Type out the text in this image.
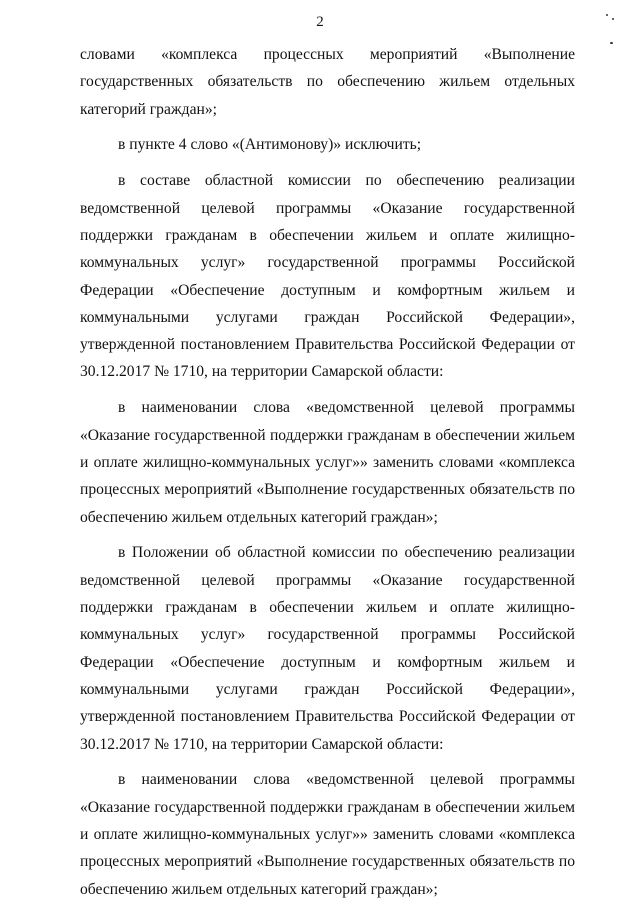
2

словами «комплекса процессных мероприятий «Выполнение государственных обязательств по обеспечению жильем отдельных категорий граждан»;

в пункте 4 слово «(Антимонову)» исключить;

в составе областной комиссии по обеспечению реализации ведомственной целевой программы «Оказание государственной поддержки гражданам в обеспечении жильем и оплате жилищно-коммунальных услуг» государственной программы Российской Федерации «Обеспечение доступным и комфортным жильем и коммунальными услугами граждан Российской Федерации», утвержденной постановлением Правительства Российской Федерации от 30.12.2017 № 1710, на территории Самарской области:

в наименовании слова «ведомственной целевой программы «Оказание государственной поддержки гражданам в обеспечении жильем и оплате жилищно-коммунальных услуг»» заменить словами «комплекса процессных мероприятий «Выполнение государственных обязательств по обеспечению жильем отдельных категорий граждан»;

в Положении об областной комиссии по обеспечению реализации ведомственной целевой программы «Оказание государственной поддержки гражданам в обеспечении жильем и оплате жилищно-коммунальных услуг» государственной программы Российской Федерации «Обеспечение доступным и комфортным жильем и коммунальными услугами граждан Российской Федерации», утвержденной постановлением Правительства Российской Федерации от 30.12.2017 № 1710, на территории Самарской области:

в наименовании слова «ведомственной целевой программы «Оказание государственной поддержки гражданам в обеспечении жильем и оплате жилищно-коммунальных услуг»» заменить словами «комплекса процессных мероприятий «Выполнение государственных обязательств по обеспечению жильем отдельных категорий граждан»;
